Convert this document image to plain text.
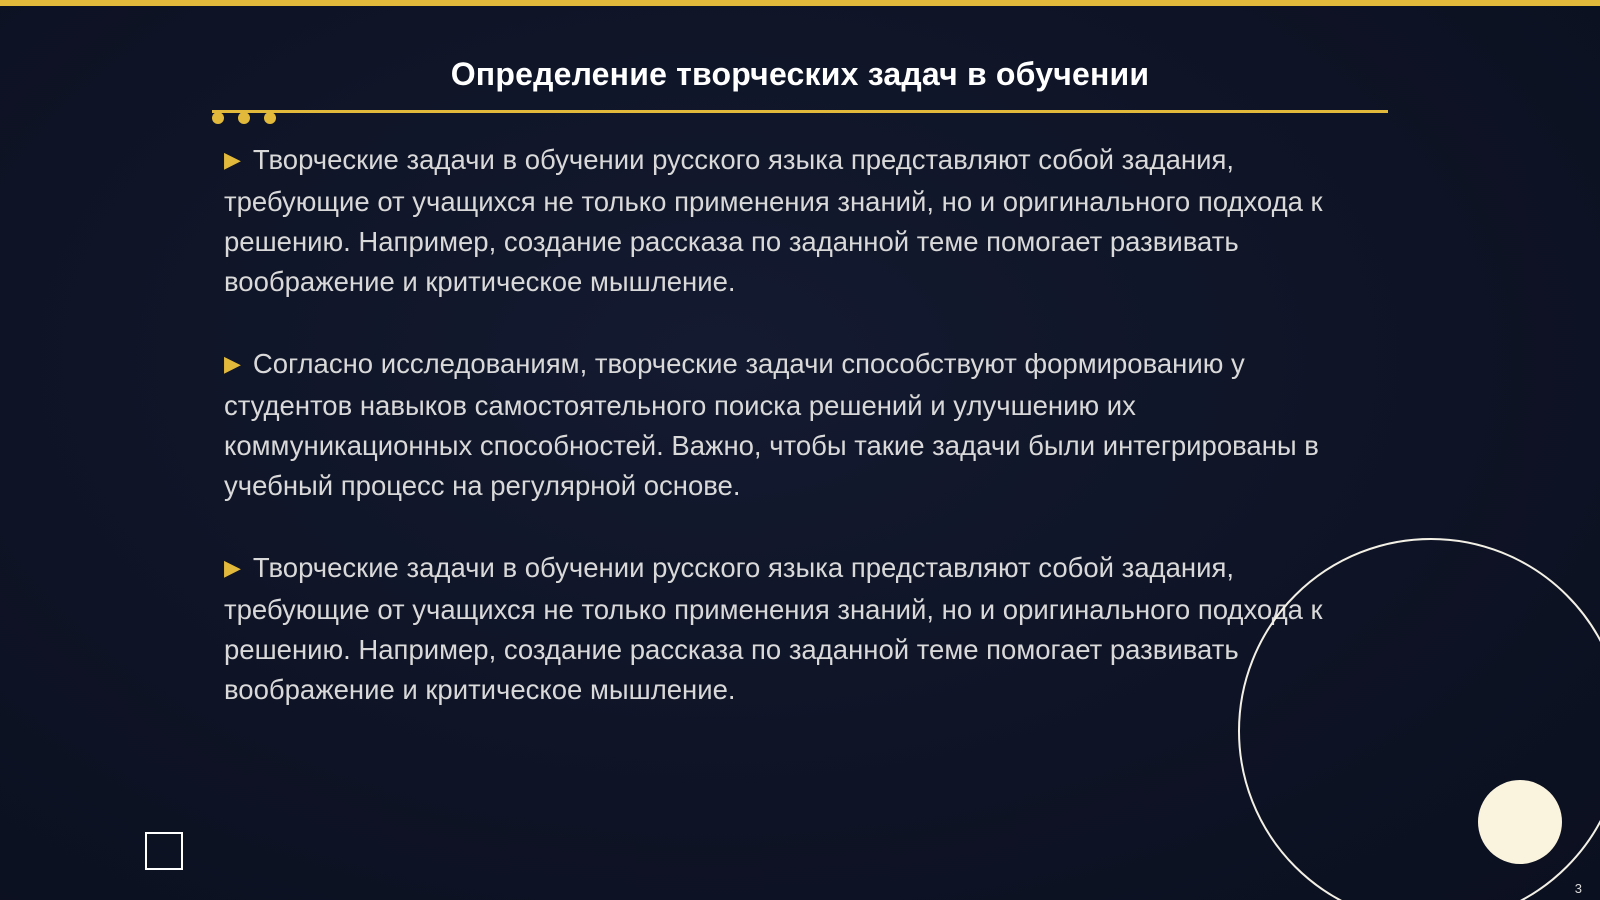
Определение творческих задач в обучении

▶ Творческие задачи в обучении русского языка представляют собой задания, требующие от учащихся не только применения знаний, но и оригинального подхода к решению. Например, создание рассказа по заданной теме помогает развивать воображение и критическое мышление.

▶ Согласно исследованиям, творческие задачи способствуют формированию у студентов навыков самостоятельного поиска решений и улучшению их коммуникационных способностей. Важно, чтобы такие задачи были интегрированы в учебный процесс на регулярной основе.

▶ Творческие задачи в обучении русского языка представляют собой задания, требующие от учащихся не только применения знаний, но и оригинального подхода к решению. Например, создание рассказа по заданной теме помогает развивать воображение и критическое мышление.

3
